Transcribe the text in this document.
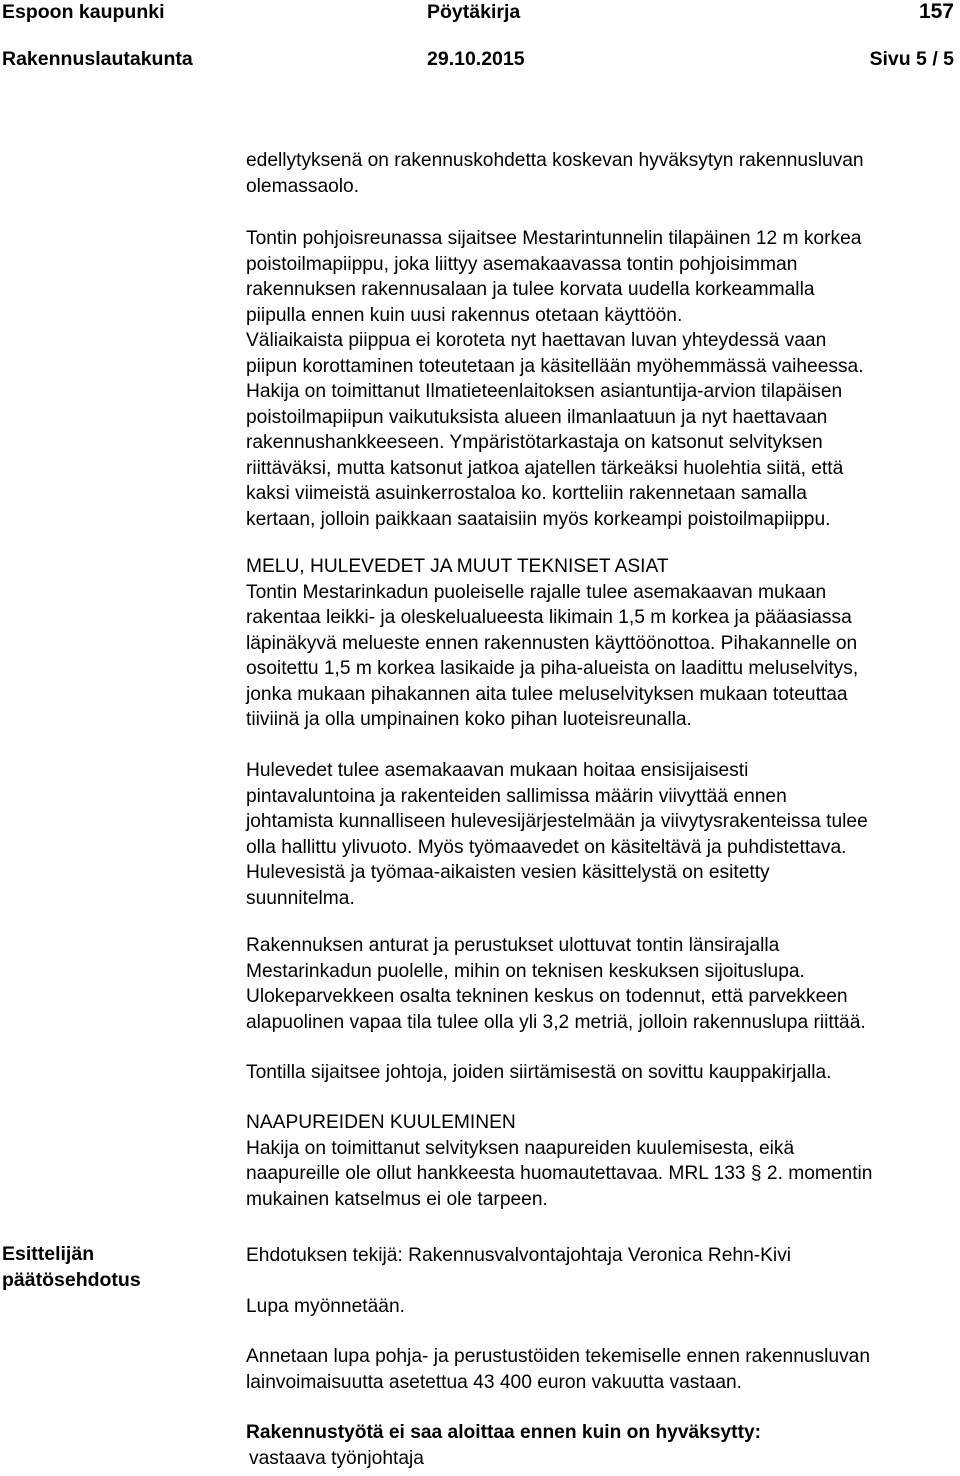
Espoon kaupunki	Pöytäkirja	157
Rakennuslautakunta	29.10.2015	Sivu 5 / 5
edellytyksenä on rakennuskohdetta koskevan hyväksytyn rakennusluvan
olemassaolo.
Tontin pohjoisreunassa sijaitsee Mestarintunnelin tilapäinen 12 m korkea
poistoilmapiippu, joka liittyy asemakaavassa tontin pohjoisimman
rakennuksen rakennusalaan ja tulee korvata uudella korkeammalla
piipulla ennen kuin uusi rakennus otetaan käyttöön.
Väliaikaista piippua ei koroteta nyt haettavan luvan yhteydessä vaan
piipun korottaminen toteutetaan ja käsitellään myöhemmässä vaiheessa.
Hakija on toimittanut Ilmatieteenlaitoksen asiantuntija-arvion tilapäisen
poistoilmapiipun vaikutuksista alueen ilmanlaatuun ja nyt haettavaan
rakennushankkeeseen. Ympäristötarkastaja on katsonut selvityksen
riittäväksi, mutta katsonut jatkoa ajatellen tärkeäksi huolehtia siitä, että
kaksi viimeistä asuinkerrostaloa ko. kortteliin rakennetaan samalla
kertaan, jolloin paikkaan saataisiin myös korkeampi poistoilmapiippu.
MELU, HULEVEDET JA MUUT TEKNISET ASIAT
Tontin Mestarinkadun puoleiselle rajalle tulee asemakaavan mukaan
rakentaa leikki- ja oleskelualueesta likimain 1,5 m korkea ja pääasiassa
läpinäkyvä melueste ennen rakennusten käyttöönottoa. Pihakannelle on
osoitettu 1,5 m korkea lasikaide ja piha-alueista on laadittu meluselvitys,
jonka mukaan pihakannen aita tulee meluselvityksen mukaan toteuttaa
tiiviinä ja olla umpinainen koko pihan luoteisreunalla.
Hulevedet tulee asemakaavan mukaan hoitaa ensisijaisesti
pintavaluntoina ja rakenteiden sallimissa määrin viivyttää ennen
johtamista kunnalliseen hulevesijärjestelmään ja viivytysrakenteissa tulee
olla hallittu ylivuoto. Myös työmaavedet on käsiteltävä ja puhdistettava.
Hulevesistä ja työmaa-aikaisten vesien käsittelystä on esitetty
suunnitelma.
Rakennuksen anturat ja perustukset ulottuvat tontin länsirajalla
Mestarinkadun puolelle, mihin on teknisen keskuksen sijoituslupa.
Ulokeparvekkeen osalta tekninen keskus on todennut, että parvekkeen
alapuolinen vapaa tila tulee olla yli 3,2 metriä, jolloin rakennuslupa riittää.
Tontilla sijaitsee johtoja, joiden siirtämisestä on sovittu kauppakirjalla.
NAAPUREIDEN KUULEMINEN
Hakija on toimittanut selvityksen naapureiden kuulemisesta, eikä
naapureille ole ollut hankkeesta huomautettavaa. MRL 133 § 2. momentin
mukainen katselmus ei ole tarpeen.
Esittelijän
päätösehdotus
Ehdotuksen tekijä: Rakennusvalvontajohtaja Veronica Rehn-Kivi
Lupa myönnetään.
Annetaan lupa pohja- ja perustustöiden tekemiselle ennen rakennusluvan
lainvoimaisuutta asetettua 43 400 euron vakuutta vastaan.
Rakennustyötä ei saa aloittaa ennen kuin on hyväksytty:
vastaava työnjohtaja
